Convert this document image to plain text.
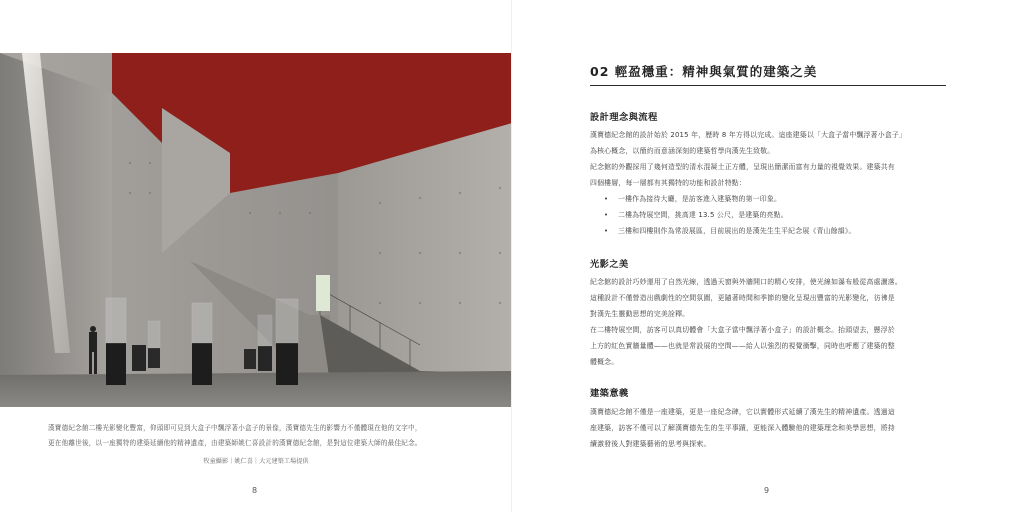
漢寶德紀念館二樓光影變化豐富，仰頭即可見到大盒子中飄浮著小盒子的景像，漢寶德先生的影響力不僅體現在他的文字中，

更在他離世後，以一座獨特的建築延續他的精神遺產，由建築師姚仁喜設計的漢寶德紀念館，是對這位建築大師的最佳紀念。

牧童攝影｜姚仁喜｜大元建築工場提供
8
02 輕盈穩重：精神與氣質的建築之美
設計理念與流程

漢寶德紀念館的設計始於 2015 年，歷時 8 年方得以完成。這座建築以「大盒子當中飄浮著小盒子」

為核心概念，以簡約而意涵深刻的建築哲學向漢先生致敬。

紀念館的外觀採用了幾何造型的清水混凝土正方體，呈現出簡潔而富有力量的視覺效果。建築共有

四個樓層，每一層都有其獨特的功能和設計特點：

• 一樓作為接待大廳，是訪客進入建築物的第一印象。
• 二樓為特展空間，挑高達 13.5 公尺，是建築的亮點。
• 三樓和四樓則作為常設展區，目前展出的是漢先生生平紀念展《青山餘韻》。
光影之美

紀念館的設計巧妙運用了自然光線，透過天窗與外牆開口的精心安排，使光線如瀑布般從高處灑落。

這種設計不僅營造出戲劇性的空間氛圍，更隨著時間和季節的變化呈現出豐富的光影變化，彷彿是

對漢先生靈動思想的完美詮釋。

在二樓特展空間，訪客可以真切體會「大盒子當中飄浮著小盒子」的設計概念。抬頭望去，懸浮於

上方的紅色實牆量體——也就是常設展的空間——給人以強烈的視覺衝擊，同時也呼應了建築的整

體概念。

建築意義

漢寶德紀念館不僅是一座建築，更是一座紀念碑，它以實體形式延續了漢先生的精神遺產。透過這

座建築，訪客不僅可以了解漢寶德先生的生平事蹟，更能深入體驗他的建築理念和美學思想，將持

續激發後人對建築藝術的思考與探索。

9
